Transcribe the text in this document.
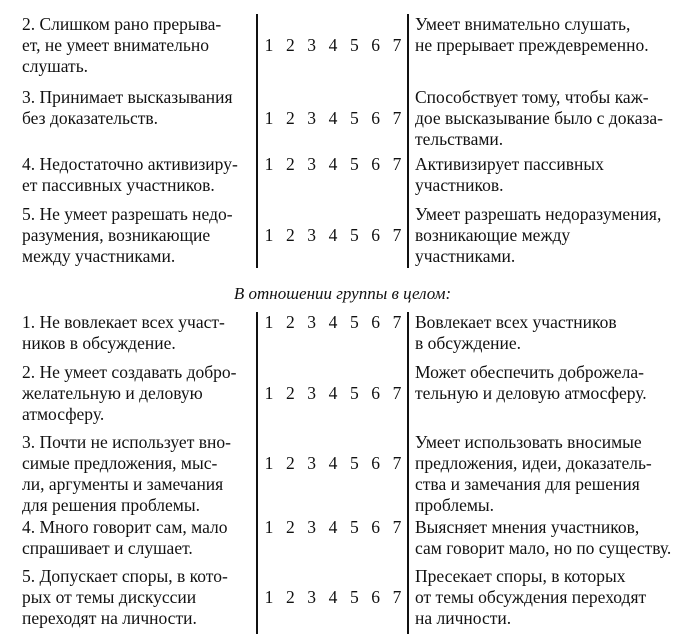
2. Слишком рано прерыва-
ет, не умеет внимательно
слушать.
1 2 3 4 5 6 7
Умеет внимательно слушать,
не прерывает преждевременно.
3. Принимает высказывания
без доказательств.	1 2 3 4 5 6 7
Способствует тому, чтобы каж-
дое высказывание было с доказа-
тельствами.
4. Недостаточно активизиру-
ет пассивных участников.
1 2 3 4 5 6 7 Активизирует пассивных
участников.
5. Не умеет разрешать недо-
разумения, возникающие
между участниками.
1 2 3 4 5 6 7
Умеет разрешать недоразумения,
возникающие между
участниками.
В отношении группы в целом:
1. Не вовлекает всех участ-
ников в обсуждение.
1 2 3 4 5 6 7 Вовлекает всех участников
в обсуждение.
2. Не умеет создавать добро-
желательную и деловую
атмосферу.
1 2 3 4 5 6 7
Может обеспечить доброжела-
тельную и деловую атмосферу.
3. Почти не использует вно-
симые предложения, мыс-
ли, аргументы и замечания
для решения проблемы.
1 2 3 4 5 6 7
Умеет использовать вносимые
предложения, идеи, доказатель-
ства и замечания для решения
проблемы.
4. Много говорит сам, мало
спрашивает и слушает.
1 2 3 4 5 6 7 Выясняет мнения участников,
сам говорит мало, но по существу.
5. Допускает споры, в кото-
рых от темы дискуссии
переходят на личности.
1 2 3 4 5 6 7
Пресекает споры, в которых
от темы обсуждения переходят
на личности.
